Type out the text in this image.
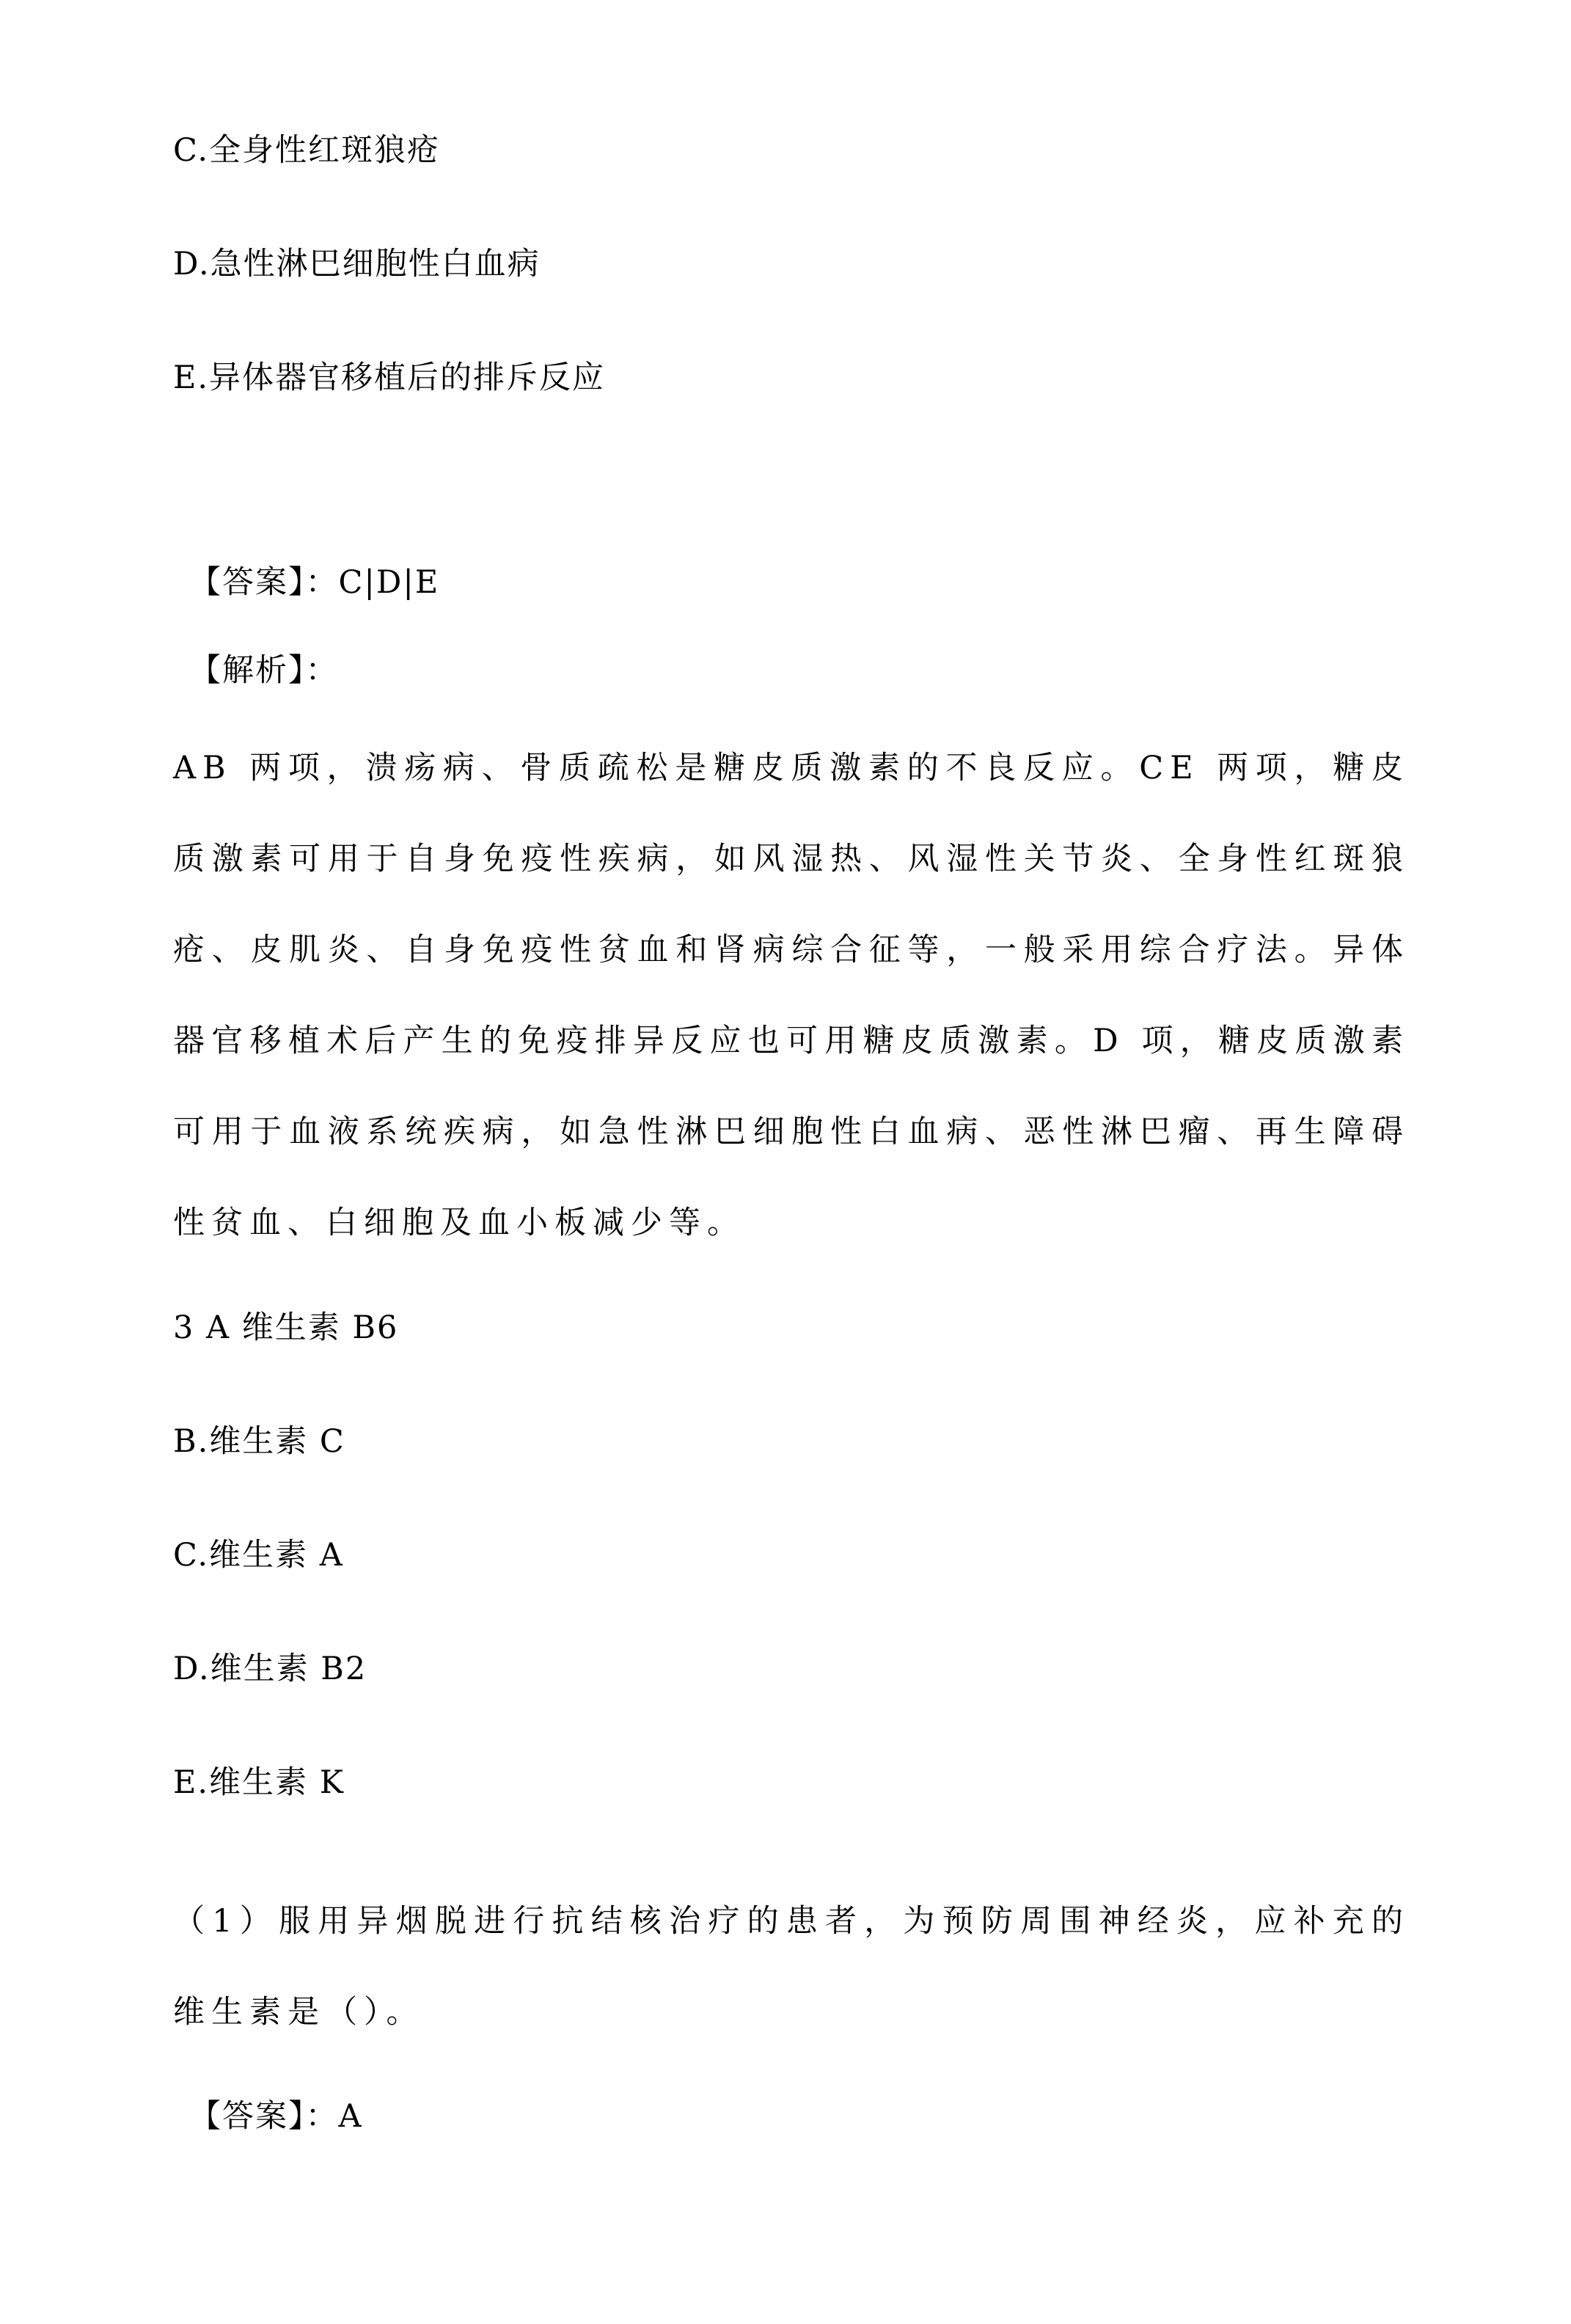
C.全身性红斑狼疮
D.急性淋巴细胞性白血病
E.异体器官移植后的排斥反应
【答案】：C|D|E
【解析】：
AB 两项，溃疡病、骨质疏松是糖皮质激素的不良反应。CE 两项，糖皮质激素可用于自身免疫性疾病，如风湿热、风湿性关节炎、全身性红斑狼疮、皮肌炎、自身免疫性贫血和肾病综合征等，一般采用综合疗法。异体器官移植术后产生的免疫排异反应也可用糖皮质激素。D 项，糖皮质激素可用于血液系统疾病，如急性淋巴细胞性白血病、恶性淋巴瘤、再生障碍性贫血、白细胞及血小板减少等。
3 A 维生素 B6
B.维生素 C
C.维生素 A
D.维生素 B2
E.维生素 K
（1）服用异烟脱进行抗结核治疗的患者，为预防周围神经炎，应补充的维生素是（）。
【答案】：A
